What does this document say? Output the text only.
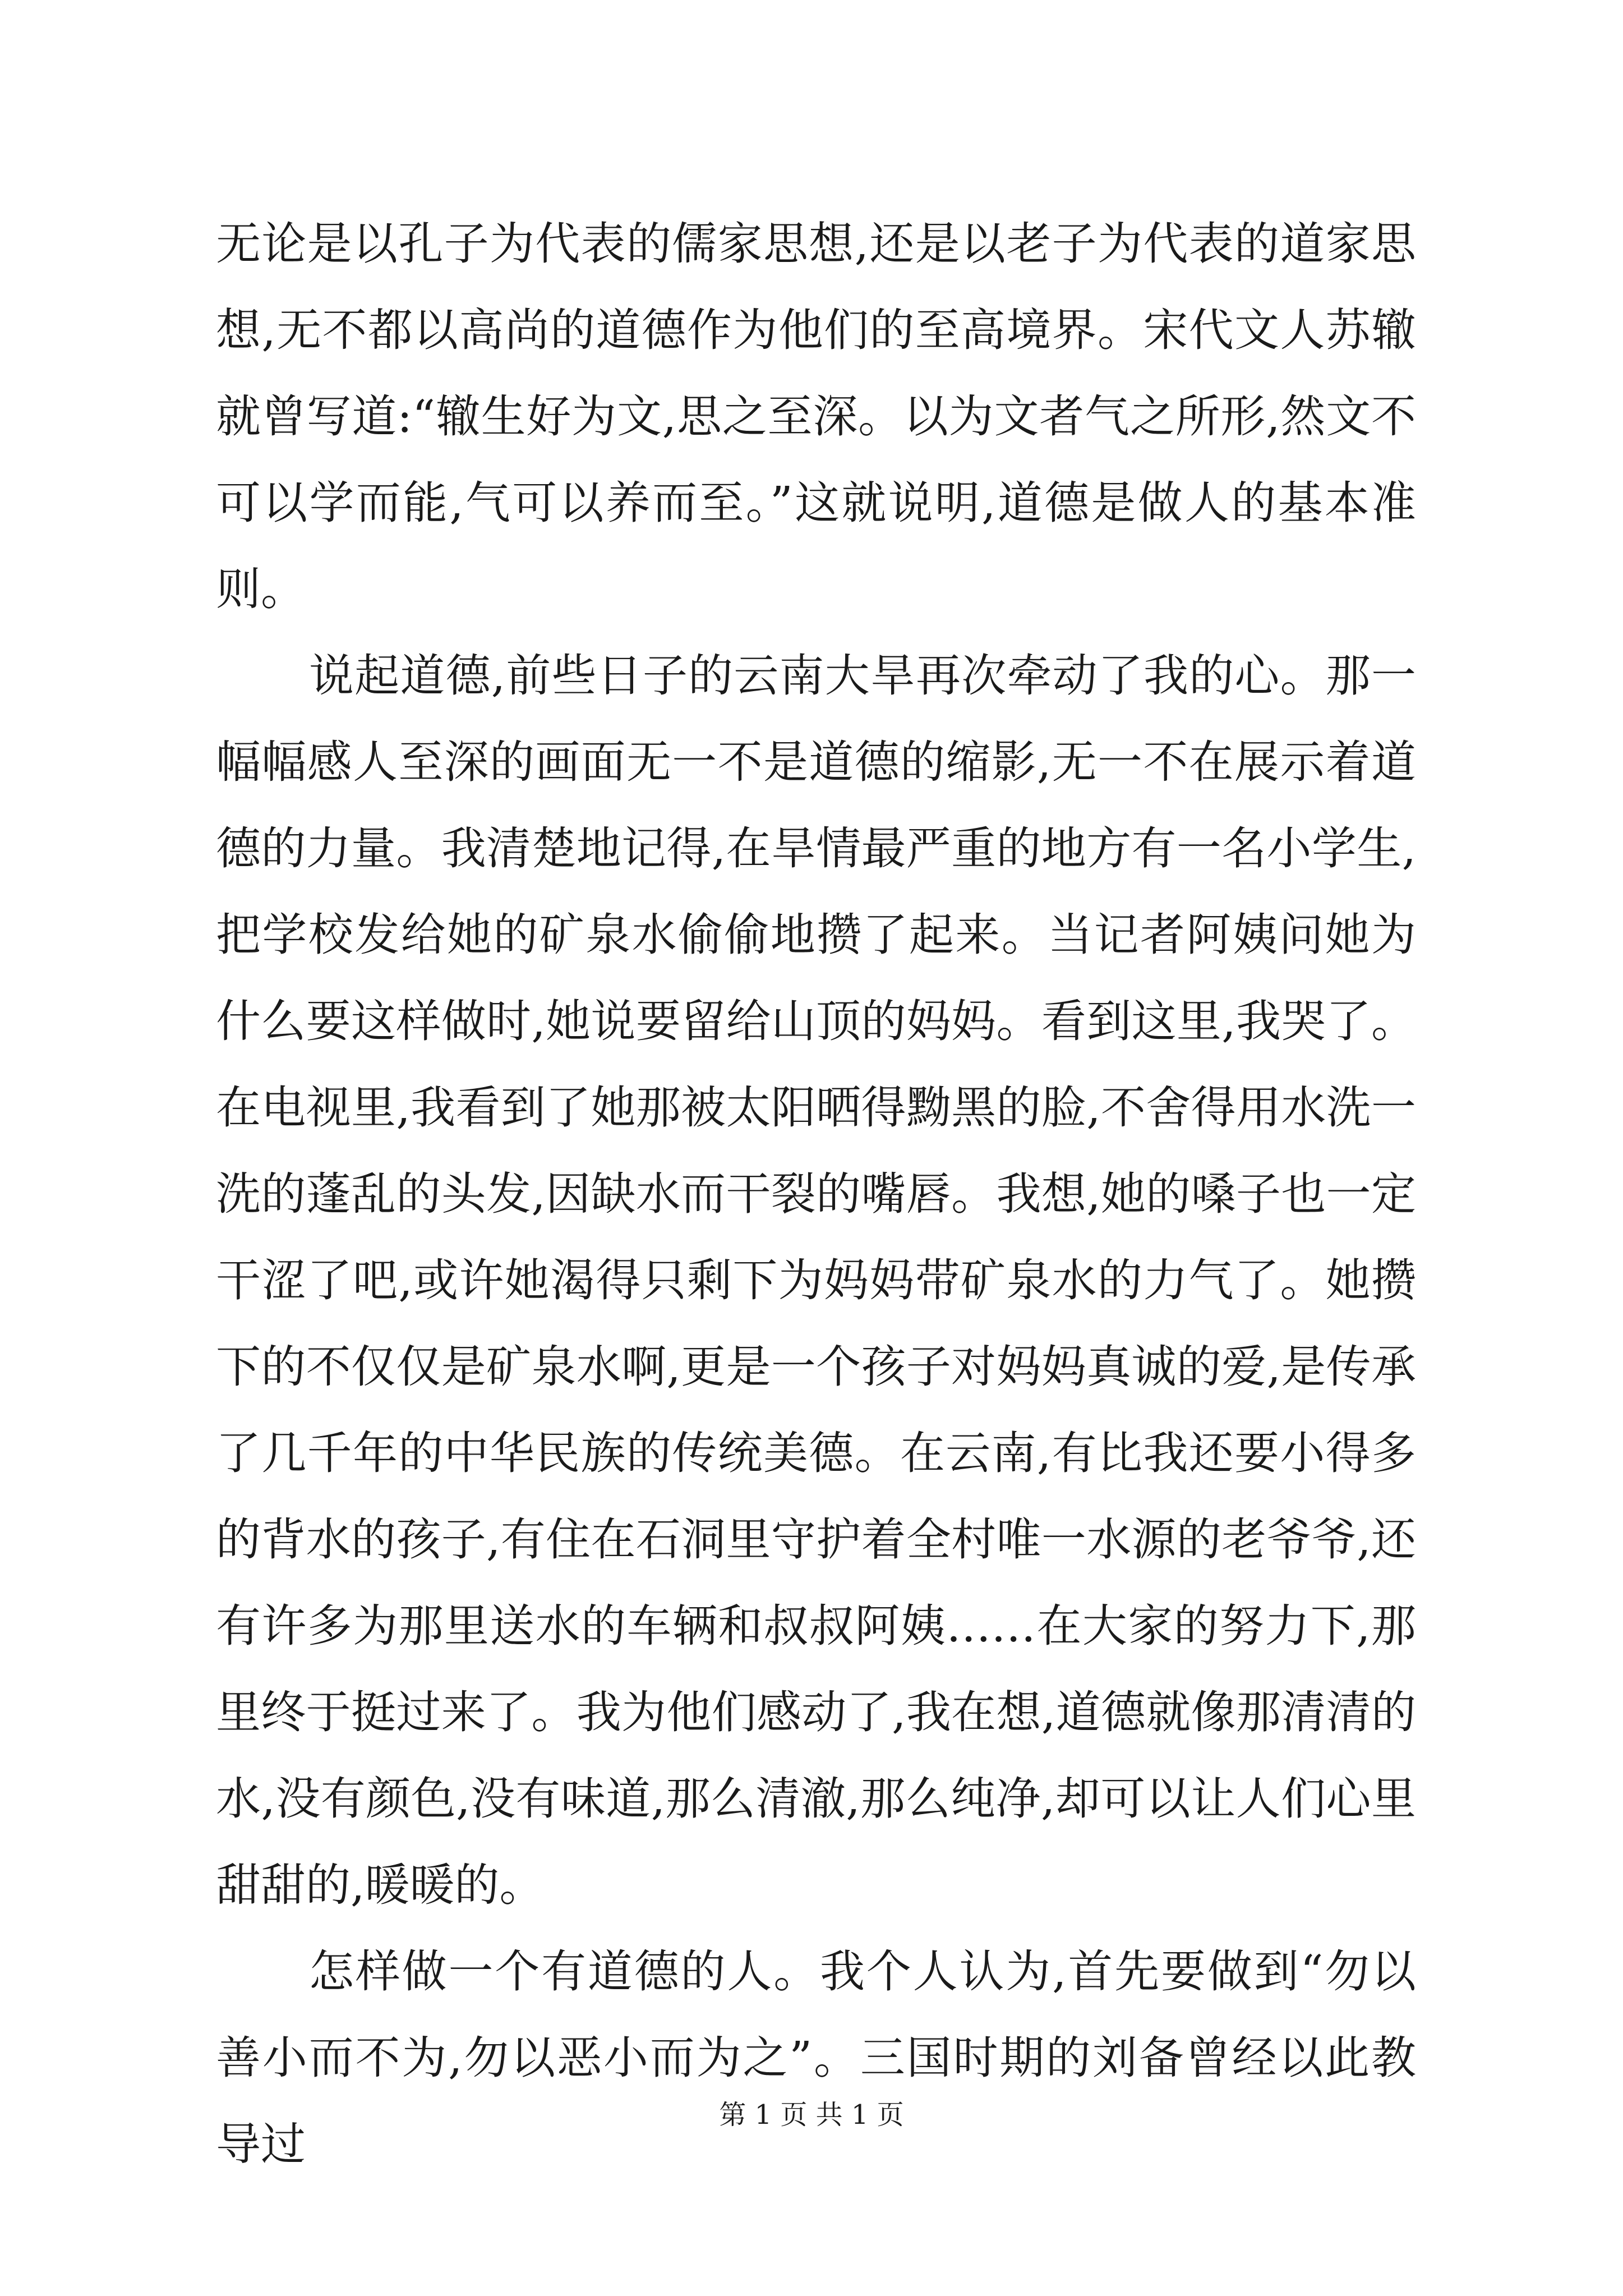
无论是以孔子为代表的儒家思想,还是以老子为代表的道家思想,无不都以高尚的道德作为他们的至高境界。宋代文人苏辙就曾写道:“辙生好为文,思之至深。以为文者气之所形,然文不可以学而能,气可以养而至。”这就说明,道德是做人的基本准则。

说起道德,前些日子的云南大旱再次牵动了我的心。那一幅幅感人至深的画面无一不是道德的缩影,无一不在展示着道德的力量。我清楚地记得,在旱情最严重的地方有一名小学生,把学校发给她的矿泉水偷偷地攒了起来。当记者阿姨问她为什么要这样做时,她说要留给山顶的妈妈。看到这里,我哭了。在电视里,我看到了她那被太阳晒得黝黑的脸,不舍得用水洗一洗的蓬乱的头发,因缺水而干裂的嘴唇。我想,她的嗓子也一定干涩了吧,或许她渴得只剩下为妈妈带矿泉水的力气了。她攒下的不仅仅是矿泉水啊,更是一个孩子对妈妈真诚的爱,是传承了几千年的中华民族的传统美德。在云南,有比我还要小得多的背水的孩子,有住在石洞里守护着全村唯一水源的老爷爷,还有许多为那里送水的车辆和叔叔阿姨……在大家的努力下,那里终于挺过来了。我为他们感动了,我在想,道德就像那清清的水,没有颜色,没有味道,那么清澈,那么纯净,却可以让人们心里甜甜的,暖暖的。

怎样做一个有道德的人。我个人认为,首先要做到“勿以善小而不为,勿以恶小而为之”。三国时期的刘备曾经以此教导过

第 1 页 共 1 页
